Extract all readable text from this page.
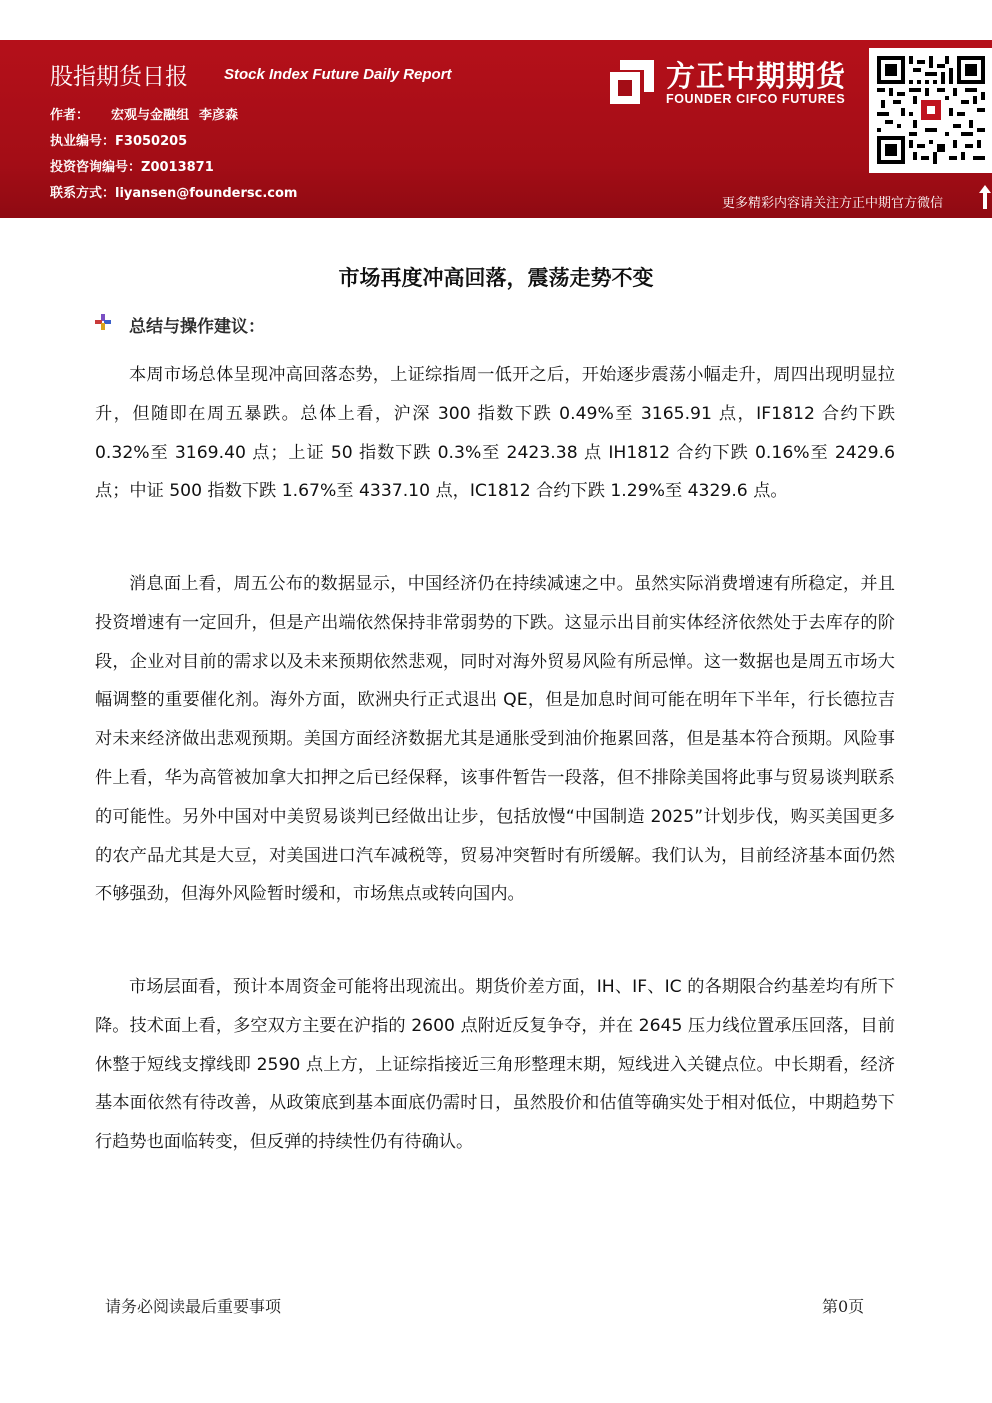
股指期货日报 Stock Index Future Daily Report
作者： 宏观与金融组 李彦森
执业编号：F3050205
投资咨询编号：Z0013871
联系方式：liyansen@foundersc.com
方正中期期货
FOUNDER CIFCO FUTURES
更多精彩内容请关注方正中期官方微信
市场再度冲高回落，震荡走势不变
总结与操作建议：

本周市场总体呈现冲高回落态势，上证综指周一低开之后，开始逐步震荡小幅走升，周四出现明显拉升，但随即在周五暴跌。总体上看，沪深 300 指数下跌 0.49%至 3165.91 点，IF1812 合约下跌 0.32%至 3169.40 点；上证 50 指数下跌 0.3%至 2423.38 点 IH1812 合约下跌 0.16%至 2429.6 点；中证 500 指数下跌 1.67%至 4337.10 点，IC1812 合约下跌 1.29%至 4329.6 点。

消息面上看，周五公布的数据显示，中国经济仍在持续减速之中。虽然实际消费增速有所稳定，并且投资增速有一定回升，但是产出端依然保持非常弱势的下跌。这显示出目前实体经济依然处于去库存的阶段，企业对目前的需求以及未来预期依然悲观，同时对海外贸易风险有所忌惮。这一数据也是周五市场大幅调整的重要催化剂。海外方面，欧洲央行正式退出 QE，但是加息时间可能在明年下半年，行长德拉吉对未来经济做出悲观预期。美国方面经济数据尤其是通胀受到油价拖累回落，但是基本符合预期。风险事件上看，华为高管被加拿大扣押之后已经保释，该事件暂告一段落，但不排除美国将此事与贸易谈判联系的可能性。另外中国对中美贸易谈判已经做出让步，包括放慢“中国制造 2025”计划步伐，购买美国更多的农产品尤其是大豆，对美国进口汽车减税等，贸易冲突暂时有所缓解。我们认为，目前经济基本面仍然不够强劲，但海外风险暂时缓和，市场焦点或转向国内。

市场层面看，预计本周资金可能将出现流出。期货价差方面，IH、IF、IC 的各期限合约基差均有所下降。技术面上看，多空双方主要在沪指的 2600 点附近反复争夺，并在 2645 压力线位置承压回落，目前休整于短线支撑线即 2590 点上方，上证综指接近三角形整理末期，短线进入关键点位。中长期看，经济基本面依然有待改善，从政策底到基本面底仍需时日，虽然股价和估值等确实处于相对低位，中期趋势下行趋势也面临转变，但反弹的持续性仍有待确认。

请务必阅读最后重要事项	第0页
